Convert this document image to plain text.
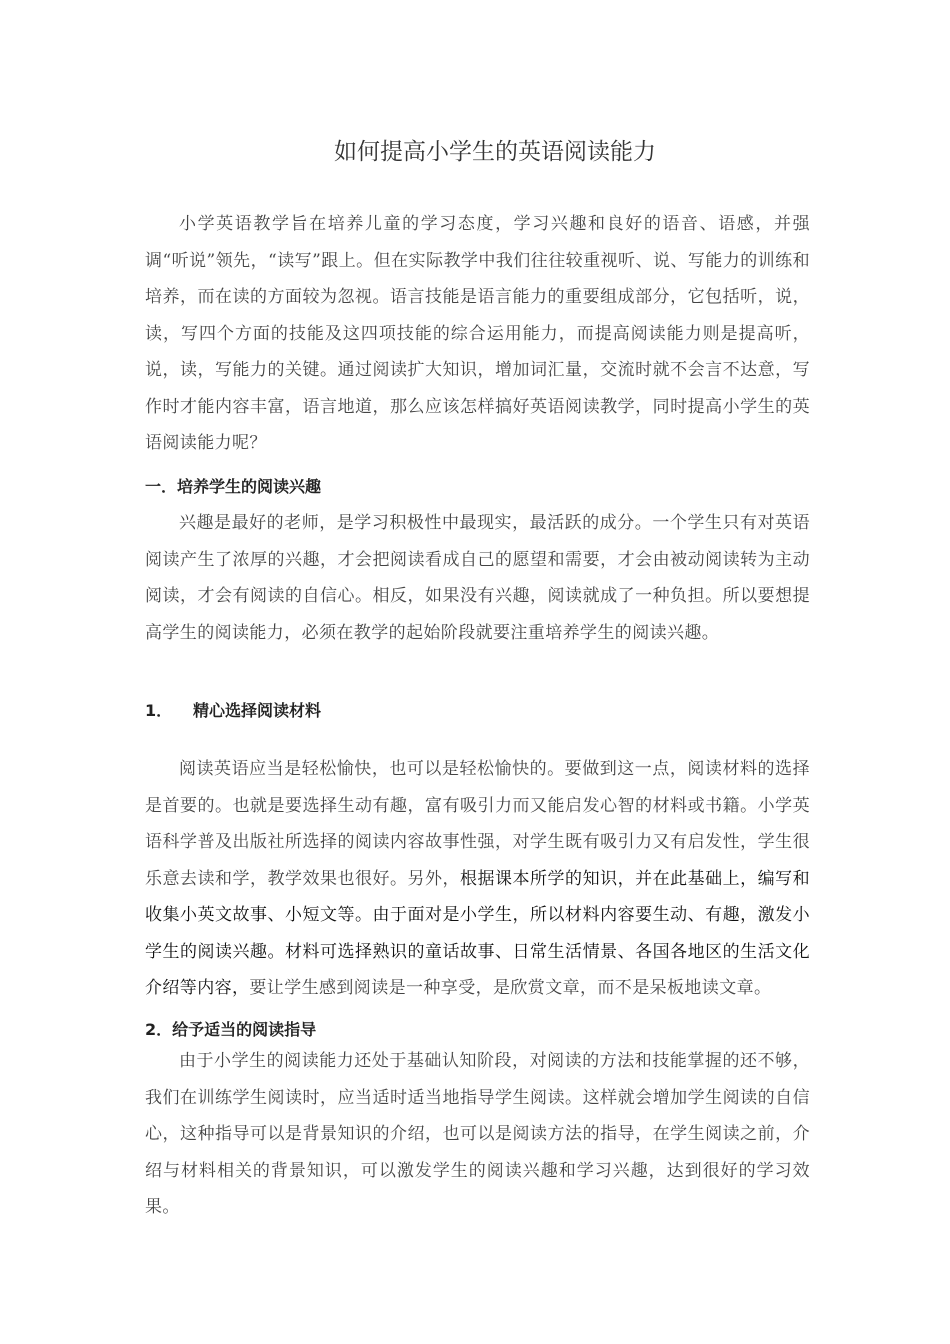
如何提高小学生的英语阅读能力
小学英语教学旨在培养儿童的学习态度，学习兴趣和良好的语音、语感，并强调“听说”领先，“读写”跟上。但在实际教学中我们往往较重视听、说、写能力的训练和培养，而在读的方面较为忽视。语言技能是语言能力的重要组成部分，它包括听，说，读，写四个方面的技能及这四项技能的综合运用能力，而提高阅读能力则是提高听，说，读，写能力的关键。通过阅读扩大知识，增加词汇量，交流时就不会言不达意，写作时才能内容丰富，语言地道，那么应该怎样搞好英语阅读教学，同时提高小学生的英语阅读能力呢？
一．培养学生的阅读兴趣
兴趣是最好的老师，是学习积极性中最现实，最活跃的成分。一个学生只有对英语阅读产生了浓厚的兴趣，才会把阅读看成自己的愿望和需要，才会由被动阅读转为主动阅读，才会有阅读的自信心。相反，如果没有兴趣，阅读就成了一种负担。所以要想提高学生的阅读能力，必须在教学的起始阶段就要注重培养学生的阅读兴趣。
1． 精心选择阅读材料
阅读英语应当是轻松愉快，也可以是轻松愉快的。要做到这一点，阅读材料的选择是首要的。也就是要选择生动有趣，富有吸引力而又能启发心智的材料或书籍。小学英语科学普及出版社所选择的阅读内容故事性强，对学生既有吸引力又有启发性，学生很乐意去读和学，教学效果也很好。另外，根据课本所学的知识，并在此基础上，编写和收集小英文故事、小短文等。由于面对是小学生，所以材料内容要生动、有趣，激发小学生的阅读兴趣。材料可选择熟识的童话故事、日常生活情景、各国各地区的生活文化介绍等内容，要让学生感到阅读是一种享受，是欣赏文章，而不是呆板地读文章。
2．给予适当的阅读指导
由于小学生的阅读能力还处于基础认知阶段，对阅读的方法和技能掌握的还不够，我们在训练学生阅读时，应当适时适当地指导学生阅读。这样就会增加学生阅读的自信心，这种指导可以是背景知识的介绍，也可以是阅读方法的指导，在学生阅读之前，介绍与材料相关的背景知识，可以激发学生的阅读兴趣和学习兴趣，达到很好的学习效果。
